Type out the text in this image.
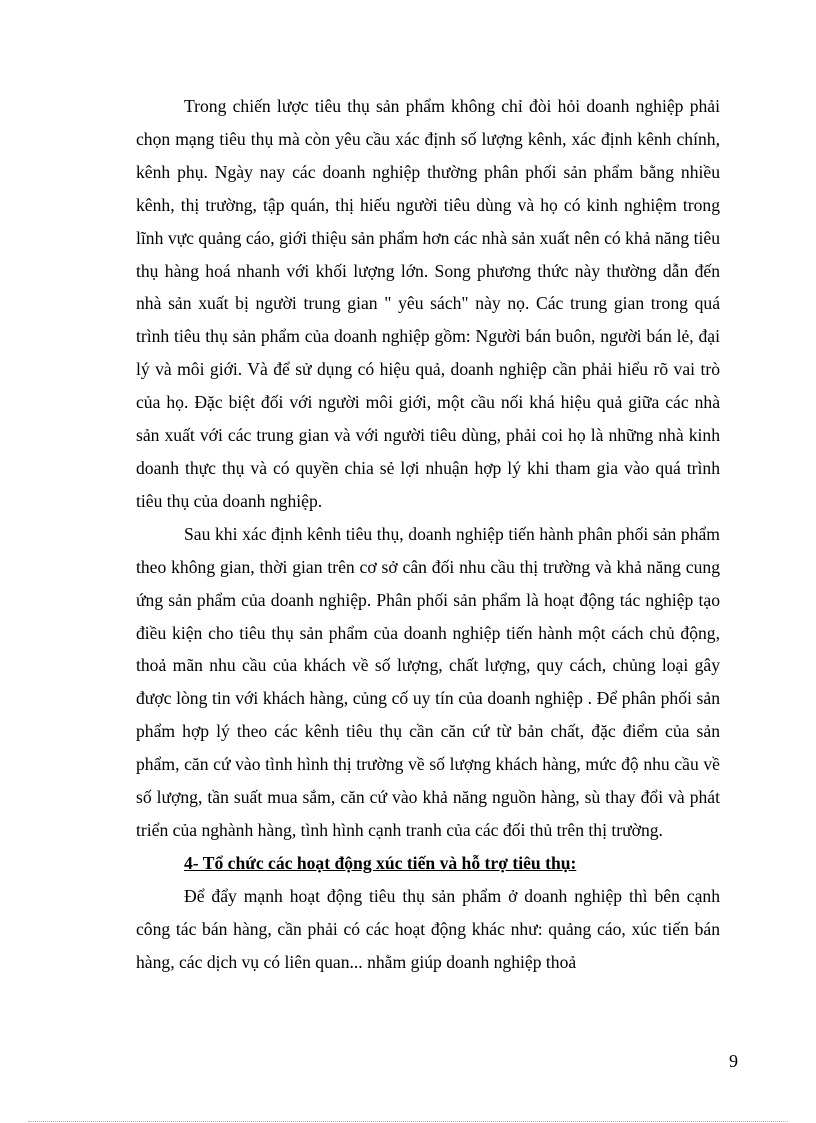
Trong chiến lược tiêu thụ sản phẩm không chỉ đòi hỏi doanh nghiệp phải chọn mạng tiêu thụ mà còn yêu cầu xác định số lượng kênh, xác định kênh chính, kênh phụ. Ngày nay các doanh nghiệp thường phân phối sản phẩm bằng nhiều kênh, thị trường, tập quán, thị hiếu người tiêu dùng và họ có kinh nghiệm trong lĩnh vực quảng cáo, giới thiệu sản phẩm hơn các nhà sản xuất nên có khả năng tiêu thụ hàng hoá nhanh với khối lượng lớn. Song phương thức này thường dẫn đến nhà sản xuất bị người trung gian " yêu sách" này nọ. Các trung gian trong quá trình tiêu thụ sản phẩm của doanh nghiệp gồm: Người bán buôn, người bán lẻ, đại lý và môi giới. Và để sử dụng có hiệu quả, doanh nghiệp cần phải hiểu rõ vai trò của họ. Đặc biệt đối với người môi giới, một cầu nối khá hiệu quả giữa các nhà sản xuất với các trung gian và với người tiêu dùng, phải coi họ là những nhà kinh doanh thực thụ và có quyền chia sẻ lợi nhuận hợp lý khi tham gia vào quá trình tiêu thụ của doanh nghiệp.

Sau khi xác định kênh tiêu thụ, doanh nghiệp tiến hành phân phối sản phẩm theo không gian, thời gian trên cơ sở cân đối nhu cầu thị trường và khả năng cung ứng sản phẩm của doanh nghiệp. Phân phối sản phẩm là hoạt động tác nghiệp tạo điều kiện cho tiêu thụ sản phẩm của doanh nghiệp tiến hành một cách chủ động, thoả mãn nhu cầu của khách về số lượng, chất lượng, quy cách, chủng loại gây được lòng tin với khách hàng, củng cố uy tín của doanh nghiệp . Để phân phối sản phẩm hợp lý theo các kênh tiêu thụ cần căn cứ từ bản chất, đặc điểm của sản phẩm, căn cứ vào tình hình thị trường về số lượng khách hàng, mức độ nhu cầu về số lượng, tần suất mua sắm, căn cứ vào khả năng nguồn hàng, sù thay đổi và phát triển của nghành hàng, tình hình cạnh tranh của các đối thủ trên thị trường.

4- Tổ chức các hoạt động xúc tiến và hỗ trợ tiêu thụ:

Để đẩy mạnh hoạt động tiêu thụ sản phẩm ở doanh nghiệp thì bên cạnh công tác bán hàng, cần phải có các hoạt động khác như: quảng cáo, xúc tiến bán hàng, các dịch vụ có liên quan... nhằm giúp doanh nghiệp thoả

9
